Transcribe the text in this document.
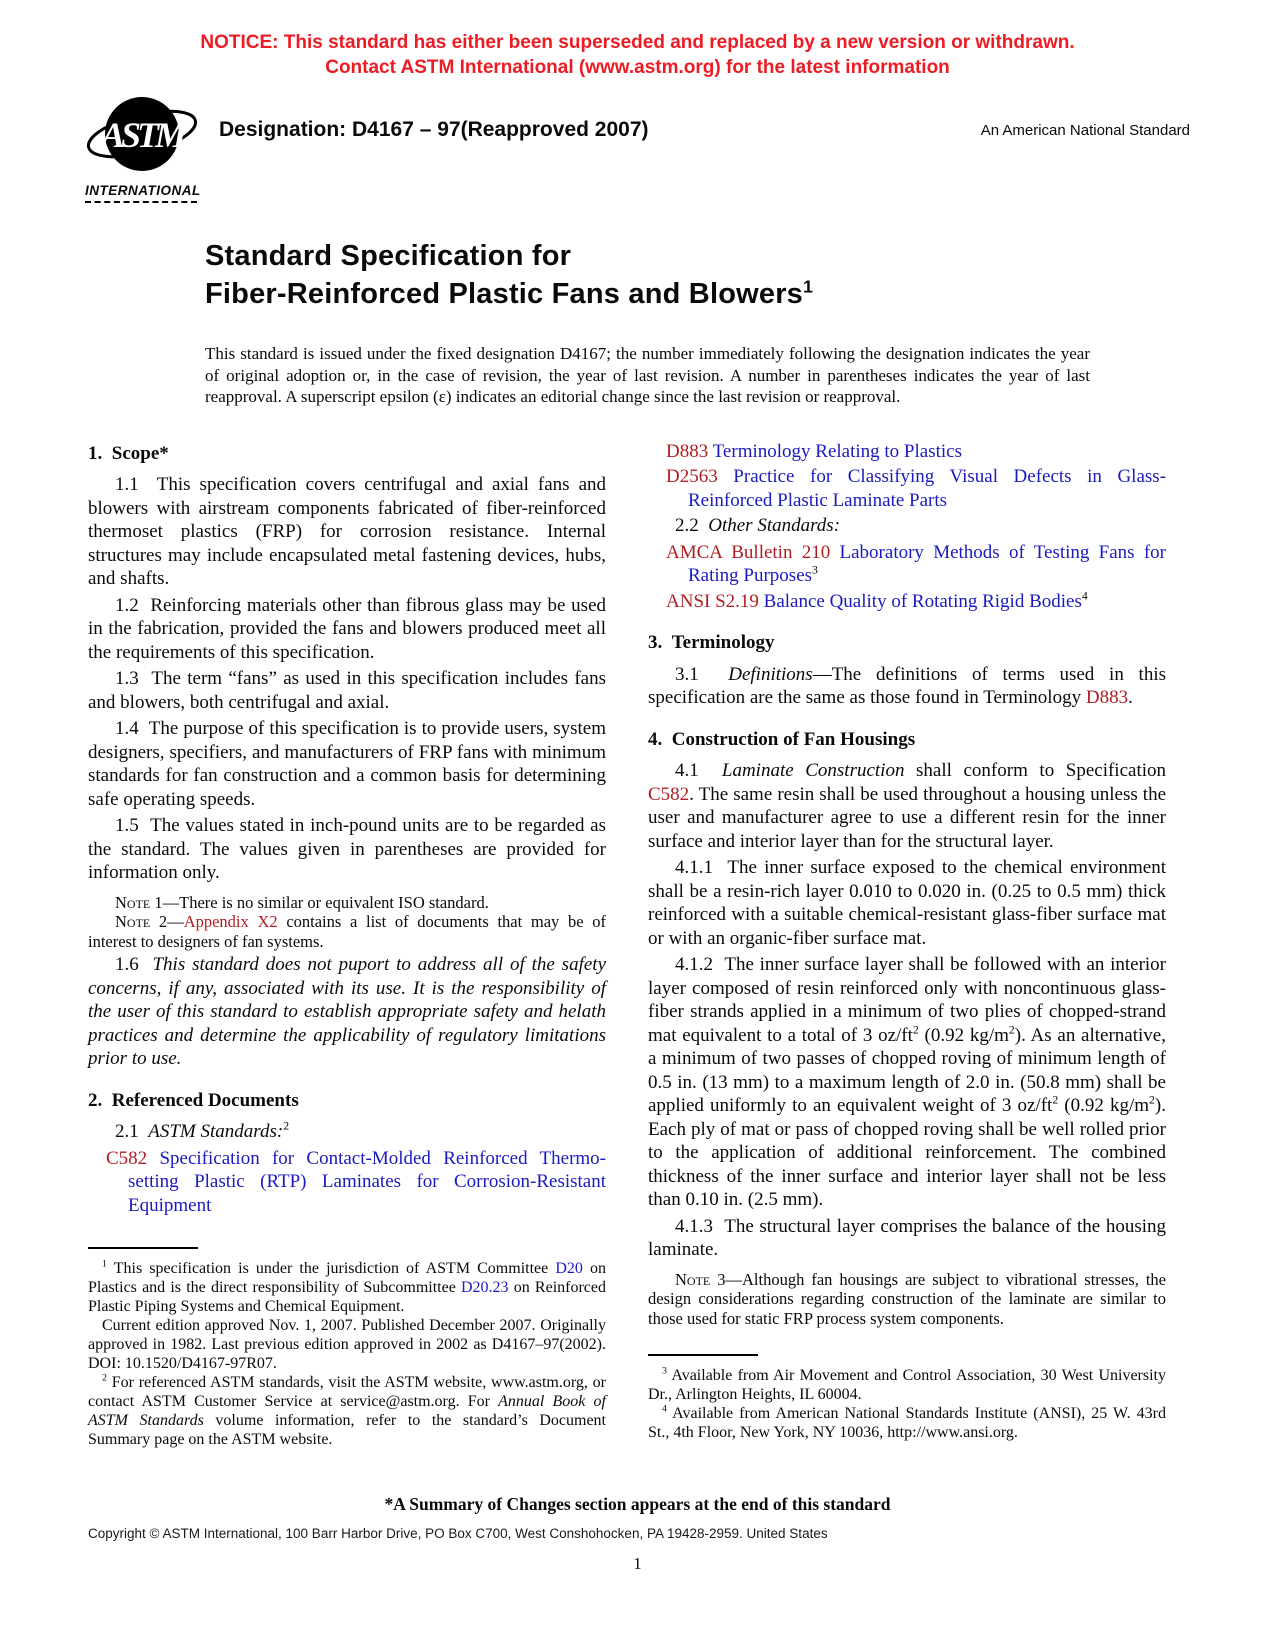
NOTICE: This standard has either been superseded and replaced by a new version or withdrawn.
Contact ASTM International (www.astm.org) for the latest information
ASTM
INTERNATIONAL
Designation: D4167 – 97(Reapproved 2007)	An American National Standard
Standard Specification for
Fiber-Reinforced Plastic Fans and Blowers$^1$
This standard is issued under the fixed designation D4167; the number immediately following the designation indicates the year of original adoption or, in the case of revision, the year of last revision. A number in parentheses indicates the year of last reapproval. A superscript epsilon (ε) indicates an editorial change since the last revision or reapproval.
1.  Scope*

1.1  This specification covers centrifugal and axial fans and blowers with airstream components fabricated of fiber-reinforced thermoset plastics (FRP) for corrosion resistance. Internal structures may include encapsulated metal fastening devices, hubs, and shafts.

1.2  Reinforcing materials other than fibrous glass may be used in the fabrication, provided the fans and blowers produced meet all the requirements of this specification.

1.3  The term “fans” as used in this specification includes fans and blowers, both centrifugal and axial.

1.4  The purpose of this specification is to provide users, system designers, specifiers, and manufacturers of FRP fans with minimum standards for fan construction and a common basis for determining safe operating speeds.

1.5  The values stated in inch-pound units are to be regarded as the standard. The values given in parentheses are provided for information only.

Note 1—There is no similar or equivalent ISO standard.

Note 2—Appendix X2 contains a list of documents that may be of interest to designers of fan systems.

1.6  This standard does not puport to address all of the safety concerns, if any, associated with its use. It is the responsibility of the user of this standard to establish appropriate safety and helath practices and determine the applicability of regulatory limitations prior to use.

2.  Referenced Documents

2.1  ASTM Standards:$^2$

C582 Specification for Contact-Molded Reinforced Thermo-setting Plastic (RTP) Laminates for Corrosion-Resistant Equipment

$^1$ This specification is under the jurisdiction of ASTM Committee D20 on Plastics and is the direct responsibility of Subcommittee D20.23 on Reinforced Plastic Piping Systems and Chemical Equipment.

Current edition approved Nov. 1, 2007. Published December 2007. Originally approved in 1982. Last previous edition approved in 2002 as D4167–97(2002). DOI: 10.1520/D4167-97R07.

$^2$ For referenced ASTM standards, visit the ASTM website, www.astm.org, or contact ASTM Customer Service at service@astm.org. For Annual Book of ASTM Standards volume information, refer to the standard’s Document Summary page on the ASTM website.

D883 Terminology Relating to Plastics

D2563 Practice for Classifying Visual Defects in Glass-Reinforced Plastic Laminate Parts

2.2  Other Standards:

AMCA Bulletin 210 Laboratory Methods of Testing Fans for Rating Purposes$^3$

ANSI S2.19 Balance Quality of Rotating Rigid Bodies$^4$

3.  Terminology

3.1  Definitions—The definitions of terms used in this specification are the same as those found in Terminology D883.

4.  Construction of Fan Housings

4.1  Laminate Construction shall conform to Specification C582. The same resin shall be used throughout a housing unless the user and manufacturer agree to use a different resin for the inner surface and interior layer than for the structural layer.

4.1.1  The inner surface exposed to the chemical environment shall be a resin-rich layer 0.010 to 0.020 in. (0.25 to 0.5 mm) thick reinforced with a suitable chemical-resistant glass-fiber surface mat or with an organic-fiber surface mat.

4.1.2  The inner surface layer shall be followed with an interior layer composed of resin reinforced only with noncontinuous glass-fiber strands applied in a minimum of two plies of chopped-strand mat equivalent to a total of 3 $oz/ft^2$ (0.92 $kg/m^2$). As an alternative, a minimum of two passes of chopped roving of minimum length of 0.5 in. (13 mm) to a maximum length of 2.0 in. (50.8 mm) shall be applied uniformly to an equivalent weight of 3 $oz/ft^2$ (0.92 $kg/m^2$). Each ply of mat or pass of chopped roving shall be well rolled prior to the application of additional reinforcement. The combined thickness of the inner surface and interior layer shall not be less than 0.10 in. (2.5 mm).

4.1.3  The structural layer comprises the balance of the housing laminate.

Note 3—Although fan housings are subject to vibrational stresses, the design considerations regarding construction of the laminate are similar to those used for static FRP process system components.

$^3$ Available from Air Movement and Control Association, 30 West University Dr., Arlington Heights, IL 60004.

$^4$ Available from American National Standards Institute (ANSI), 25 W. 43rd St., 4th Floor, New York, NY 10036, http://www.ansi.org.

*A Summary of Changes section appears at the end of this standard
Copyright © ASTM International, 100 Barr Harbor Drive, PO Box C700, West Conshohocken, PA 19428-2959. United States
1
